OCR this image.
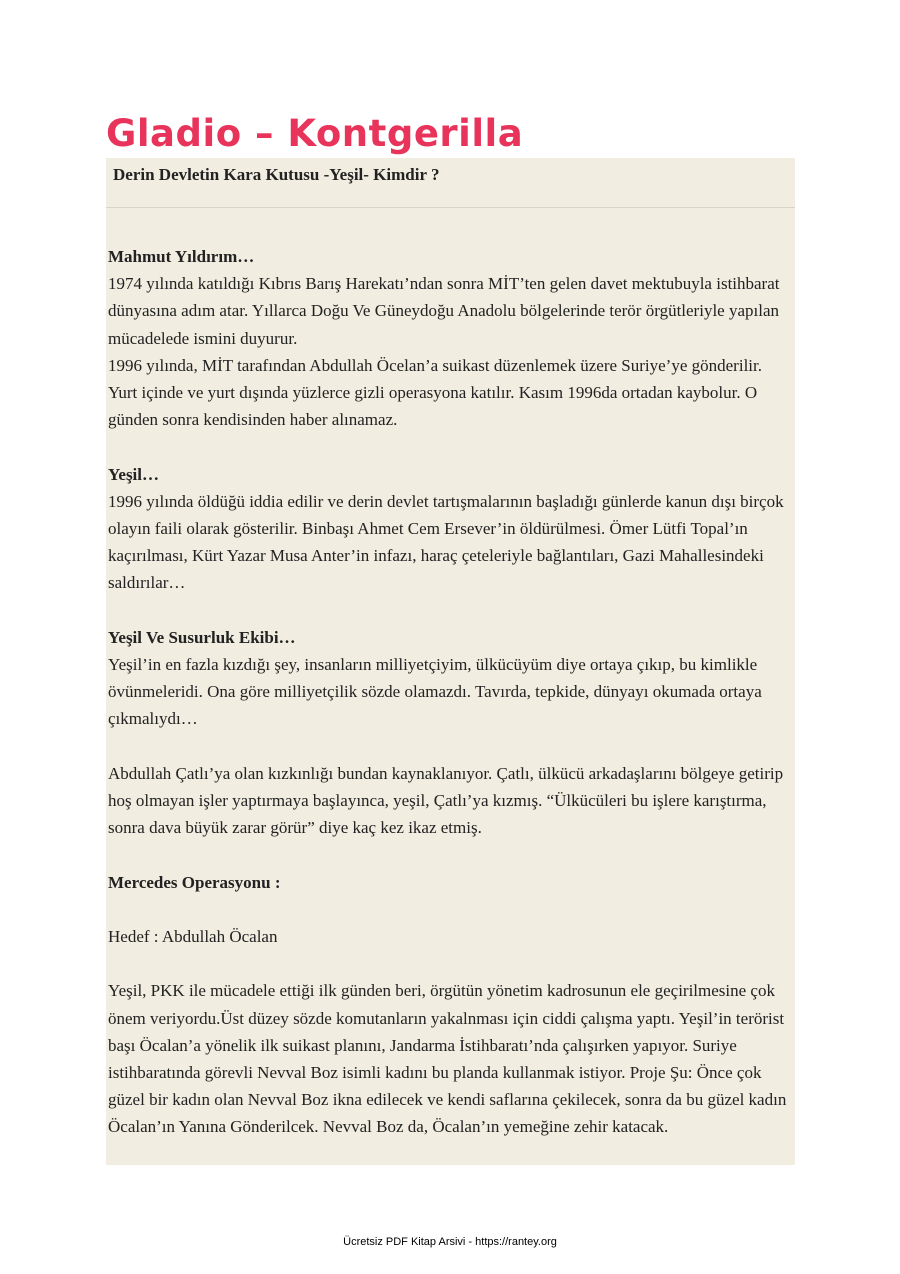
Gladio – Kontgerilla

Derin Devletin Kara Kutusu -Yeşil- Kimdir ?

Mahmut Yıldırım…

1974 yılında katıldığı Kıbrıs Barış Harekatı’ndan sonra MİT’ten gelen davet mektubuyla istihbarat dünyasına adım atar. Yıllarca Doğu Ve Güneydoğu Anadolu bölgelerinde terör örgütleriyle yapılan mücadelede ismini duyurur.

1996 yılında, MİT tarafından Abdullah Öcelan’a suikast düzenlemek üzere Suriye’ye gönderilir. Yurt içinde ve yurt dışında yüzlerce gizli operasyona katılır. Kasım 1996da ortadan kaybolur. O günden sonra kendisinden haber alınamaz.

Yeşil…

1996 yılında öldüğü iddia edilir ve derin devlet tartışmalarının başladığı günlerde kanun dışı birçok olayın faili olarak gösterilir. Binbaşı Ahmet Cem Ersever’in öldürülmesi. Ömer Lütfi Topal’ın kaçırılması, Kürt Yazar Musa Anter’in infazı, haraç çeteleriyle bağlantıları, Gazi Mahallesindeki saldırılar…

Yeşil Ve Susurluk Ekibi…

Yeşil’in en fazla kızdığı şey, insanların milliyetçiyim, ülkücüyüm diye ortaya çıkıp, bu kimlikle övünmeleridi. Ona göre milliyetçilik sözde olamazdı. Tavırda, tepkide, dünyayı okumada ortaya çıkmalıydı…

Abdullah Çatlı’ya olan kızkınlığı bundan kaynaklanıyor. Çatlı, ülkücü arkadaşlarını bölgeye getirip hoş olmayan işler yaptırmaya başlayınca, yeşil, Çatlı’ya kızmış. “Ülkücüleri bu işlere karıştırma, sonra dava büyük zarar görür” diye kaç kez ikaz etmiş.

Mercedes Operasyonu :

Hedef : Abdullah Öcalan

Yeşil, PKK ile mücadele ettiği ilk günden beri, örgütün yönetim kadrosunun ele geçirilmesine çok önem veriyordu.Üst düzey sözde komutanların yakalnması için ciddi çalışma yaptı. Yeşil’in terörist başı Öcalan’a yönelik ilk suikast planını, Jandarma İstihbaratı’nda çalışırken yapıyor. Suriye istihbaratında görevli Nevval Boz isimli kadını bu planda kullanmak istiyor. Proje Şu: Önce çok güzel bir kadın olan Nevval Boz ikna edilecek ve kendi saflarına çekilecek, sonra da bu güzel kadın Öcalan’ın Yanına Gönderilcek. Nevval Boz da, Öcalan’ın yemeğine zehir katacak.

Ücretsiz PDF Kitap Arsivi - https://rantey.org
